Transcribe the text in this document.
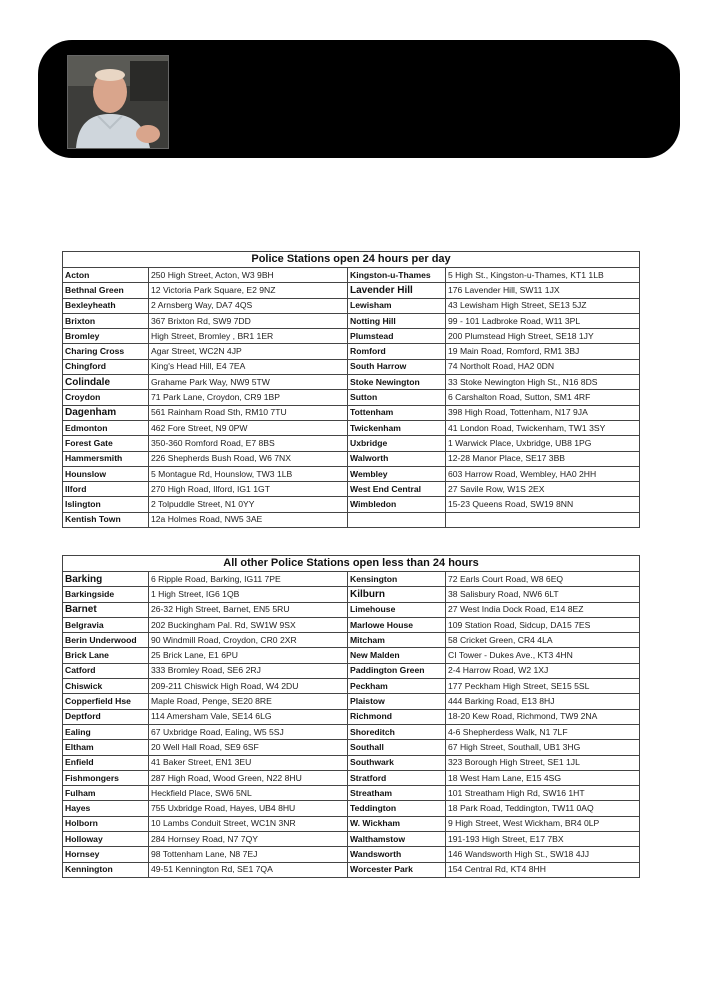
Police Stations open 24 hours per day			
Acton	250 High Street, Acton, W3 9BH	Kingston-u-Thames	5 High St., Kingston-u-Thames, KT1 1LB
Bethnal Green	12 Victoria Park Square, E2 9NZ	Lavender Hill	176 Lavender Hill, SW11 1JX
Bexleyheath	2 Arnsberg Way, DA7 4QS	Lewisham	43 Lewisham High Street, SE13 5JZ
Brixton	367 Brixton Rd, SW9 7DD	Notting Hill	99 - 101 Ladbroke Road, W11 3PL
Bromley	High Street, Bromley , BR1 1ER	Plumstead	200 Plumstead High Street, SE18 1JY
Charing Cross	Agar Street, WC2N 4JP	Romford	19 Main Road, Romford, RM1 3BJ
Chingford	King's Head Hill, E4 7EA	South Harrow	74 Northolt Road, HA2 0DN
Colindale	Grahame Park Way, NW9 5TW	Stoke Newington	33 Stoke Newington High St., N16 8DS
Croydon	71 Park Lane, Croydon, CR9 1BP	Sutton	6 Carshalton Road, Sutton, SM1 4RF
Dagenham	561 Rainham Road Sth, RM10 7TU	Tottenham	398 High Road, Tottenham, N17 9JA
Edmonton	462 Fore Street, N9 0PW	Twickenham	41 London Road, Twickenham, TW1 3SY
Forest Gate	350-360 Romford Road, E7 8BS	Uxbridge	1 Warwick Place, Uxbridge, UB8 1PG
Hammersmith	226 Shepherds Bush Road, W6 7NX	Walworth	12-28 Manor Place, SE17 3BB
Hounslow	5 Montague Rd, Hounslow, TW3 1LB	Wembley	603 Harrow Road, Wembley, HA0 2HH
Ilford	270 High Road, Ilford, IG1 1GT	West End Central	27 Savile Row, W1S 2EX
Islington	2 Tolpuddle Street, N1 0YY	Wimbledon	15-23 Queens Road, SW19 8NN
Kentish Town	12a Holmes Road, NW5 3AE		
All other Police Stations open less than 24 hours			
Barking	6 Ripple Road, Barking, IG11 7PE	Kensington	72 Earls Court Road, W8 6EQ
Barkingside	1 High Street, IG6 1QB	Kilburn	38 Salisbury Road, NW6 6LT
Barnet	26-32 High Street, Barnet, EN5 5RU	Limehouse	27 West India Dock Road, E14 8EZ
Belgravia	202 Buckingham Pal. Rd, SW1W 9SX	Marlowe House	109 Station Road, Sidcup, DA15 7ES
Berin Underwood	90 Windmill Road, Croydon, CR0 2XR	Mitcham	58 Cricket Green, CR4 4LA
Brick Lane	25 Brick Lane, E1 6PU	New Malden	CI Tower - Dukes Ave., KT3 4HN
Catford	333 Bromley Road, SE6 2RJ	Paddington Green	2-4 Harrow Road, W2 1XJ
Chiswick	209-211 Chiswick High Road, W4 2DU	Peckham	177 Peckham High Street, SE15 5SL
Copperfield Hse	Maple Road, Penge, SE20 8RE	Plaistow	444 Barking Road, E13 8HJ
Deptford	114 Amersham Vale, SE14 6LG	Richmond	18-20 Kew Road, Richmond, TW9 2NA
Ealing	67 Uxbridge Road, Ealing, W5 5SJ	Shoreditch	4-6 Shepherdess Walk, N1 7LF
Eltham	20 Well Hall Road, SE9 6SF	Southall	67 High Street, Southall, UB1 3HG
Enfield	41 Baker Street, EN1 3EU	Southwark	323 Borough High Street, SE1 1JL
Fishmongers	287 High Road, Wood Green, N22 8HU	Stratford	18 West Ham Lane, E15 4SG
Fulham	Heckfield Place, SW6 5NL	Streatham	101 Streatham High Rd, SW16 1HT
Hayes	755 Uxbridge Road, Hayes, UB4 8HU	Teddington	18 Park Road, Teddington, TW11 0AQ
Holborn	10 Lambs Conduit Street, WC1N 3NR	W. Wickham	9 High Street, West Wickham, BR4 0LP
Holloway	284 Hornsey Road, N7 7QY	Walthamstow	191-193 High Street, E17 7BX
Hornsey	98 Tottenham Lane, N8 7EJ	Wandsworth	146 Wandsworth High St., SW18 4JJ
Kennington	49-51 Kennington Rd, SE1 7QA	Worcester Park	154 Central Rd, KT4 8HH
